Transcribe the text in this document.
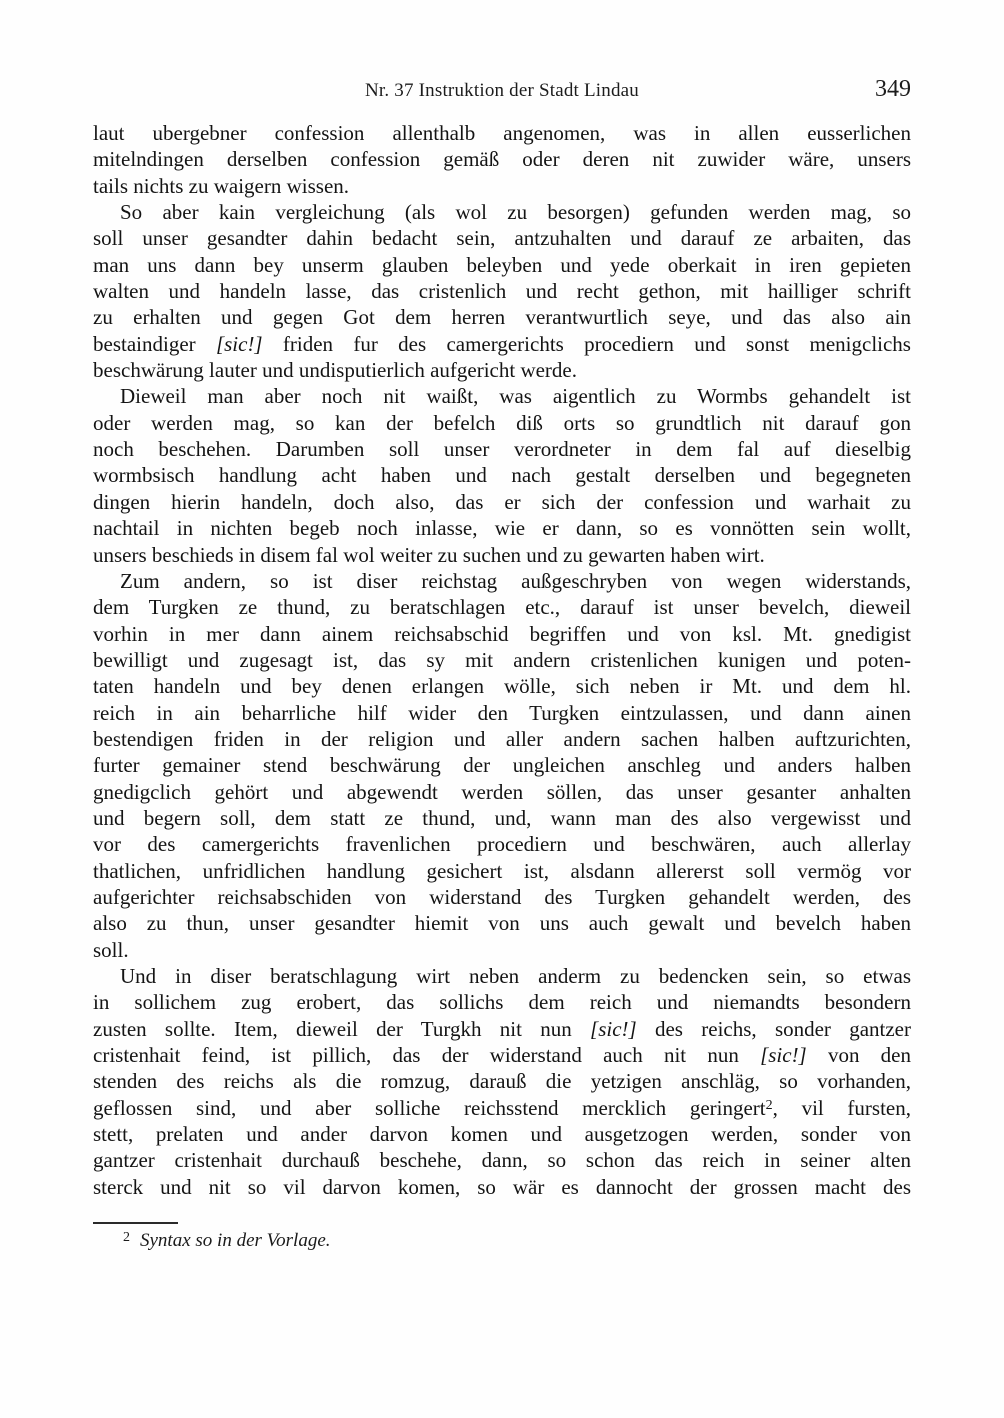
Nr. 37 Instruktion der Stadt Lindau	349
laut ubergebner confession allenthalb angenomen, was in allen eusserlichen
mitelndingen derselben confession gemäß oder deren nit zuwider wäre, unsers
tails nichts zu waigern wissen.
So aber kain vergleichung (als wol zu besorgen) gefunden werden mag, so
soll unser gesandter dahin bedacht sein, antzuhalten und darauf ze arbaiten, das
man uns dann bey unserm glauben beleyben und yede oberkait in iren gepieten
walten und handeln lasse, das cristenlich und recht gethon, mit hailliger schrift
zu erhalten und gegen Got dem herren verantwurtlich seye, und das also ain
bestaindiger [sic!] friden fur des camergerichts procediern und sonst menigclichs
beschwärung lauter und undisputierlich aufgericht werde.
Dieweil man aber noch nit waißt, was aigentlich zu Wormbs gehandelt ist
oder werden mag, so kan der befelch diß orts so grundtlich nit darauf gon
noch beschehen. Darumben soll unser verordneter in dem fal auf dieselbig
wormbsisch handlung acht haben und nach gestalt derselben und begegneten
dingen hierin handeln, doch also, das er sich der confession und warhait zu
nachtail in nichten begeb noch inlasse, wie er dann, so es vonnötten sein wollt,
unsers beschieds in disem fal wol weiter zu suchen und zu gewarten haben wirt.
Zum andern, so ist diser reichstag außgeschryben von wegen widerstands,
dem Turgken ze thund, zu beratschlagen etc., darauf ist unser bevelch, dieweil
vorhin in mer dann ainem reichsabschid begriffen und von ksl. Mt. gnedigist
bewilligt und zugesagt ist, das sy mit andern cristenlichen kunigen und poten-
taten handeln und bey denen erlangen wölle, sich neben ir Mt. und dem hl.
reich in ain beharrliche hilf wider den Turgken eintzulassen, und dann ainen
bestendigen friden in der religion und aller andern sachen halben auftzurichten,
furter gemainer stend beschwärung der ungleichen anschleg und anders halben
gnedigclich gehört und abgewendt werden söllen, das unser gesanter anhalten
und begern soll, dem statt ze thund, und, wann man des also vergewisst und
vor des camergerichts fravenlichen procediern und beschwären, auch allerlay
thatlichen, unfridlichen handlung gesichert ist, alsdann allererst soll vermög vor
aufgerichter reichsabschiden von widerstand des Turgken gehandelt werden, des
also zu thun, unser gesandter hiemit von uns auch gewalt und bevelch haben
soll.
Und in diser beratschlagung wirt neben anderm zu bedencken sein, so etwas
in sollichem zug erobert, das sollichs dem reich und niemandts besondern
zusten sollte. Item, dieweil der Turgkh nit nun [sic!] des reichs, sonder gantzer
cristenhait feind, ist pillich, das der widerstand auch nit nun [sic!] von den
stenden des reichs als die romzug, darauß die yetzigen anschläg, so vorhanden,
geflossen sind, und aber solliche reichsstend mercklich geringert$^2$, vil fursten,
stett, prelaten und ander darvon komen und ausgetzogen werden, sonder von
gantzer cristenhait durchauß beschehe, dann, so schon das reich in seiner alten
sterck und nit so vil darvon komen, so wär es dannocht der grossen macht des
$^2$ Syntax so in der Vorlage.
